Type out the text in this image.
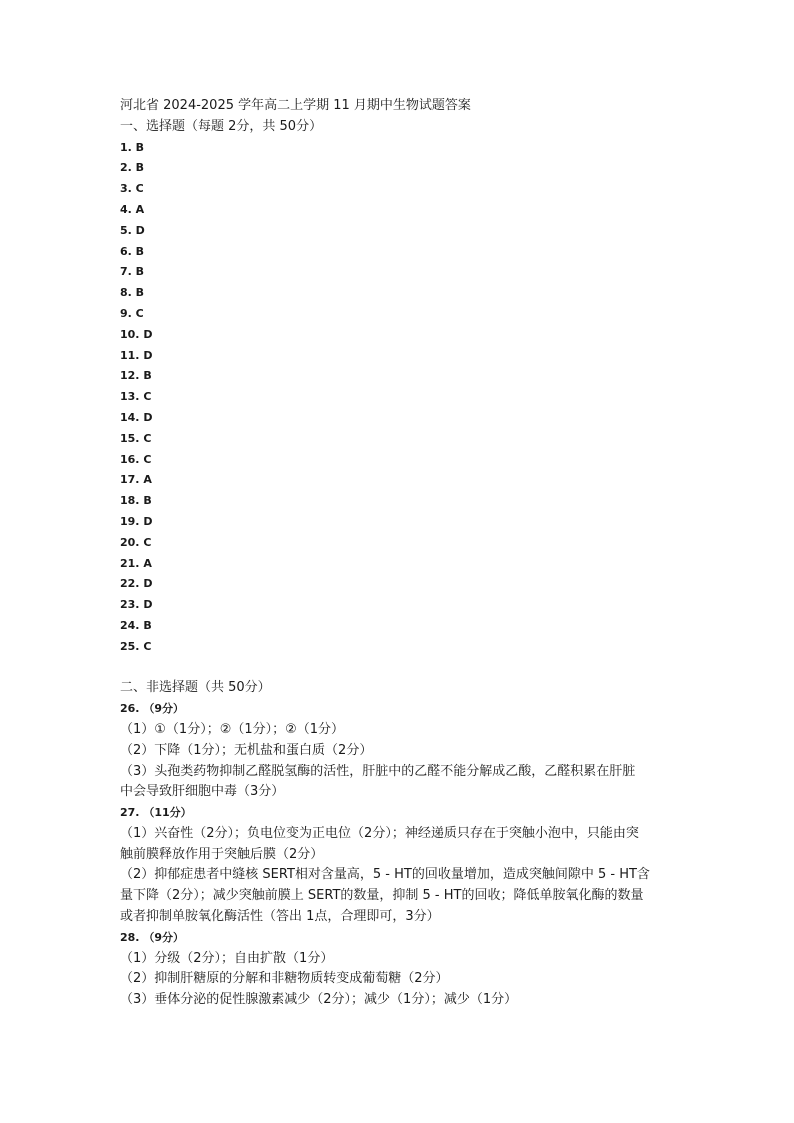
河北省 2024-2025 学年高二上学期 11 月期中生物试题答案
一、选择题（每题 2分，共 50分）
1. B
2. B
3. C
4. A
5. D
6. B
7. B
8. B
9. C
10. D
11. D
12. B
13. C
14. D
15. C
16. C
17. A
18. B
19. D
20. C
21. A
22. D
23. D
24. B
25. C
二、非选择题（共 50分）
26. （9分）
（1）①（1分）；②（1分）；②（1分）
（2）下降（1分）；无机盐和蛋白质（2分）
（3）头孢类药物抑制乙醛脱氢酶的活性，肝脏中的乙醛不能分解成乙酸，乙醛积累在肝脏
中会导致肝细胞中毒（3分）
27. （11分）
（1）兴奋性（2分）；负电位变为正电位（2分）；神经递质只存在于突触小泡中，只能由突
触前膜释放作用于突触后膜（2分）
（2）抑郁症患者中缝核 SERT相对含量高，5 - HT的回收量增加，造成突触间隙中 5 - HT含
量下降（2分）；减少突触前膜上 SERT的数量，抑制 5 - HT的回收；降低单胺氧化酶的数量
或者抑制单胺氧化酶活性（答出 1点，合理即可，3分）
28. （9分）
（1）分级（2分）；自由扩散（1分）
（2）抑制肝糖原的分解和非糖物质转变成葡萄糖（2分）
（3）垂体分泌的促性腺激素减少（2分）；减少（1分）；减少（1分）
